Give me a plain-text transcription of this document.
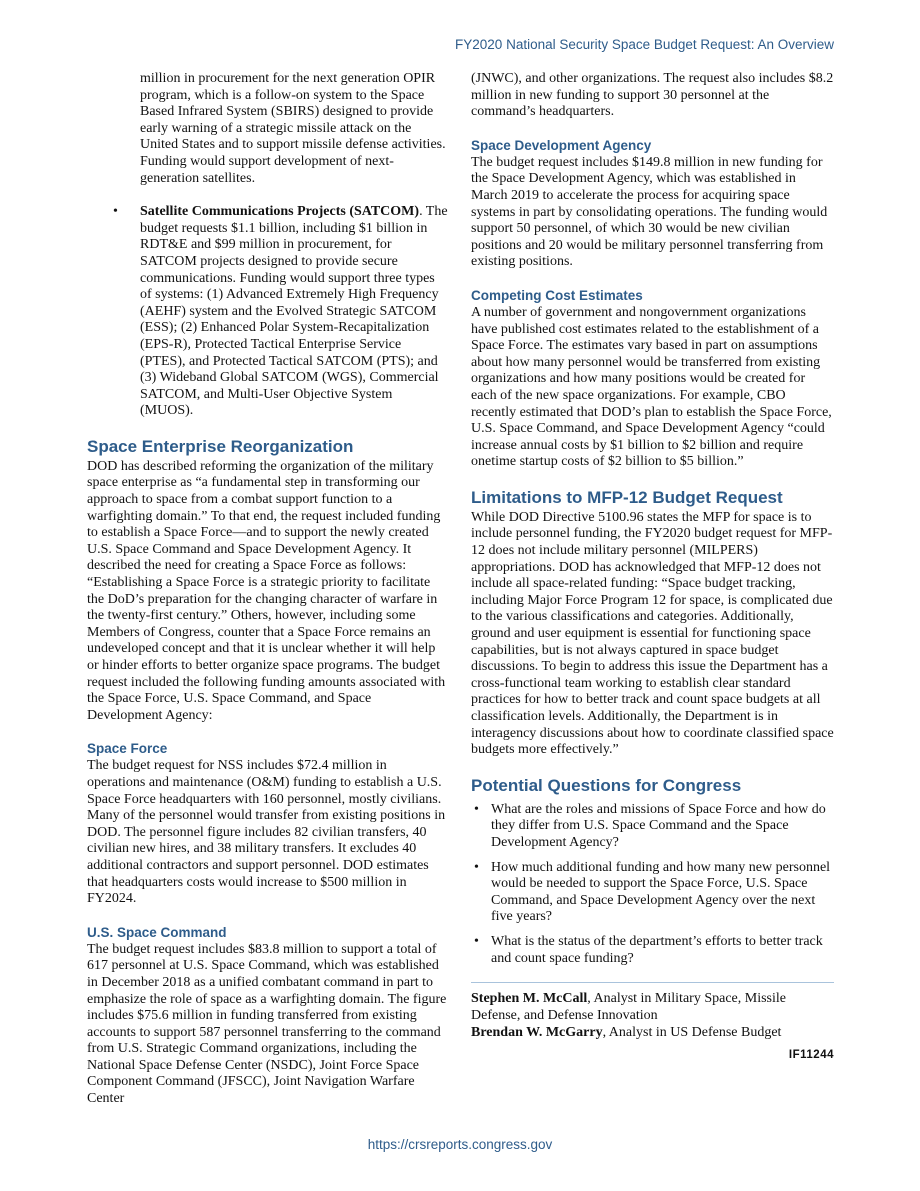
FY2020 National Security Space Budget Request: An Overview

million in procurement for the next generation OPIR program, which is a follow-on system to the Space Based Infrared System (SBIRS) designed to provide early warning of a strategic missile attack on the United States and to support missile defense activities. Funding would support development of next-generation satellites.

•	Satellite Communications Projects (SATCOM). The budget requests $1.1 billion, including $1 billion in RDT&E and $99 million in procurement, for SATCOM projects designed to provide secure communications. Funding would support three types of systems: (1) Advanced Extremely High Frequency (AEHF) system and the Evolved Strategic SATCOM (ESS); (2) Enhanced Polar System-Recapitalization (EPS-R), Protected Tactical Enterprise Service (PTES), and Protected Tactical SATCOM (PTS); and (3) Wideband Global SATCOM (WGS), Commercial SATCOM, and Multi-User Objective System (MUOS).
Space Enterprise Reorganization

DOD has described reforming the organization of the military space enterprise as “a fundamental step in transforming our approach to space from a combat support function to a warfighting domain.” To that end, the request included funding to establish a Space Force—and to support the newly created U.S. Space Command and Space Development Agency. It described the need for creating a Space Force as follows: “Establishing a Space Force is a strategic priority to facilitate the DoD’s preparation for the changing character of warfare in the twenty-first century.” Others, however, including some Members of Congress, counter that a Space Force remains an undeveloped concept and that it is unclear whether it will help or hinder efforts to better organize space programs. The budget request included the following funding amounts associated with the Space Force, U.S. Space Command, and Space Development Agency:

Space Force

The budget request for NSS includes $72.4 million in operations and maintenance (O&M) funding to establish a U.S. Space Force headquarters with 160 personnel, mostly civilians. Many of the personnel would transfer from existing positions in DOD. The personnel figure includes 82 civilian transfers, 40 civilian new hires, and 38 military transfers. It excludes 40 additional contractors and support personnel. DOD estimates that headquarters costs would increase to $500 million in FY2024.

U.S. Space Command

The budget request includes $83.8 million to support a total of 617 personnel at U.S. Space Command, which was established in December 2018 as a unified combatant command in part to emphasize the role of space as a warfighting domain. The figure includes $75.6 million in funding transferred from existing accounts to support 587 personnel transferring to the command from U.S. Strategic Command organizations, including the National Space Defense Center (NSDC), Joint Force Space Component Command (JFSCC), Joint Navigation Warfare Center

(JNWC), and other organizations. The request also includes $8.2 million in new funding to support 30 personnel at the command’s headquarters.

Space Development Agency

The budget request includes $149.8 million in new funding for the Space Development Agency, which was established in March 2019 to accelerate the process for acquiring space systems in part by consolidating operations. The funding would support 50 personnel, of which 30 would be new civilian positions and 20 would be military personnel transferring from existing positions.

Competing Cost Estimates

A number of government and nongovernment organizations have published cost estimates related to the establishment of a Space Force. The estimates vary based in part on assumptions about how many personnel would be transferred from existing organizations and how many positions would be created for each of the new space organizations. For example, CBO recently estimated that DOD’s plan to establish the Space Force, U.S. Space Command, and Space Development Agency “could increase annual costs by $1 billion to $2 billion and require onetime startup costs of $2 billion to $5 billion.”

Limitations to MFP-12 Budget Request

While DOD Directive 5100.96 states the MFP for space is to include personnel funding, the FY2020 budget request for MFP-12 does not include military personnel (MILPERS) appropriations. DOD has acknowledged that MFP-12 does not include all space-related funding: “Space budget tracking, including Major Force Program 12 for space, is complicated due to the various classifications and categories. Additionally, ground and user equipment is essential for functioning space capabilities, but is not always captured in space budget discussions. To begin to address this issue the Department has a cross-functional team working to establish clear standard practices for how to better track and count space budgets at all classification levels. Additionally, the Department is in interagency discussions about how to coordinate classified space budgets more effectively.”

Potential Questions for Congress
• What are the roles and missions of Space Force and how do they differ from U.S. Space Command and the Space Development Agency?
• How much additional funding and how many new personnel would be needed to support the Space Force, U.S. Space Command, and Space Development Agency over the next five years?
• What is the status of the department’s efforts to better track and count space funding?

Stephen M. McCall, Analyst in Military Space, Missile Defense, and Defense Innovation

Brendan W. McGarry, Analyst in US Defense Budget

IF11244
https://crsreports.congress.gov
